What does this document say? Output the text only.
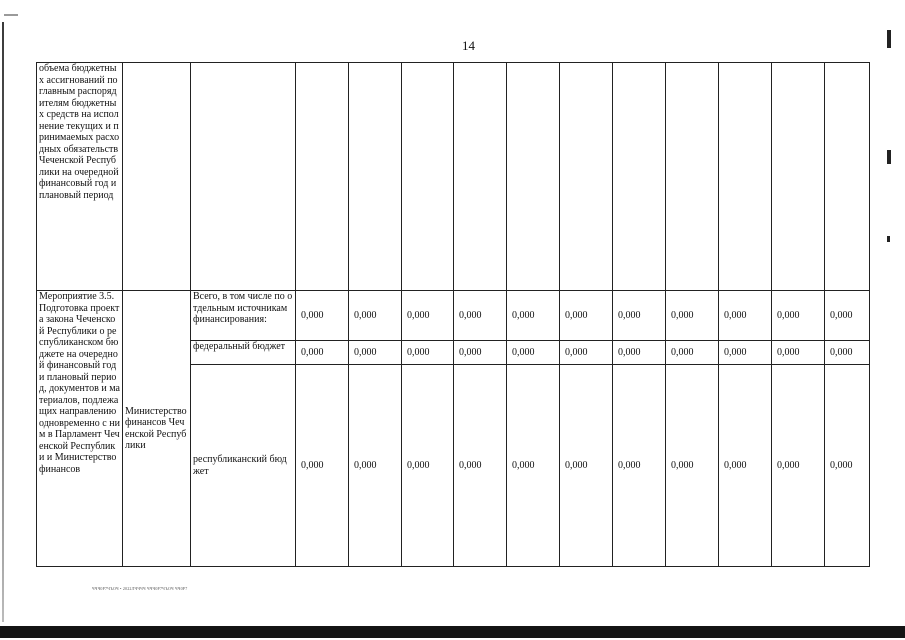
14
объема бюджетных ассигнований по главным распорядителям бюджетных средств на исполнение текущих и принимаемых расходных обязательств Чеченской Республики на очередной финансовый год и плановый период													
Мероприятие 3.5. Подготовка проекта закона Чеченской Республики о республиканском бюджете на очередной финансовый год и плановый период, документов и материалов, подлежащих направлению одновременно с ним в Парламент Чеченской Республики и Министерство финансов	Министерство финансов Чеченской Республики	Всего, в том числе по отдельным источникам финансирования:	0,000	0,000	0,000	0,000	0,000	0,000	0,000	0,000	0,000	0,000	0,000
		федеральный бюджет	0,000	0,000	0,000	0,000	0,000	0,000	0,000	0,000	0,000	0,000	0,000
		республиканский бюджет	0,000	0,000	0,000	0,000	0,000	0,000	0,000	0,000	0,000	0,000	0,000
ЧЧЧ0Р7ЧЪОЧ • 2022ЛЧЧЧЧ ЧЧЧ0Р7ЧЪОЧ ЧЧ0Р7
